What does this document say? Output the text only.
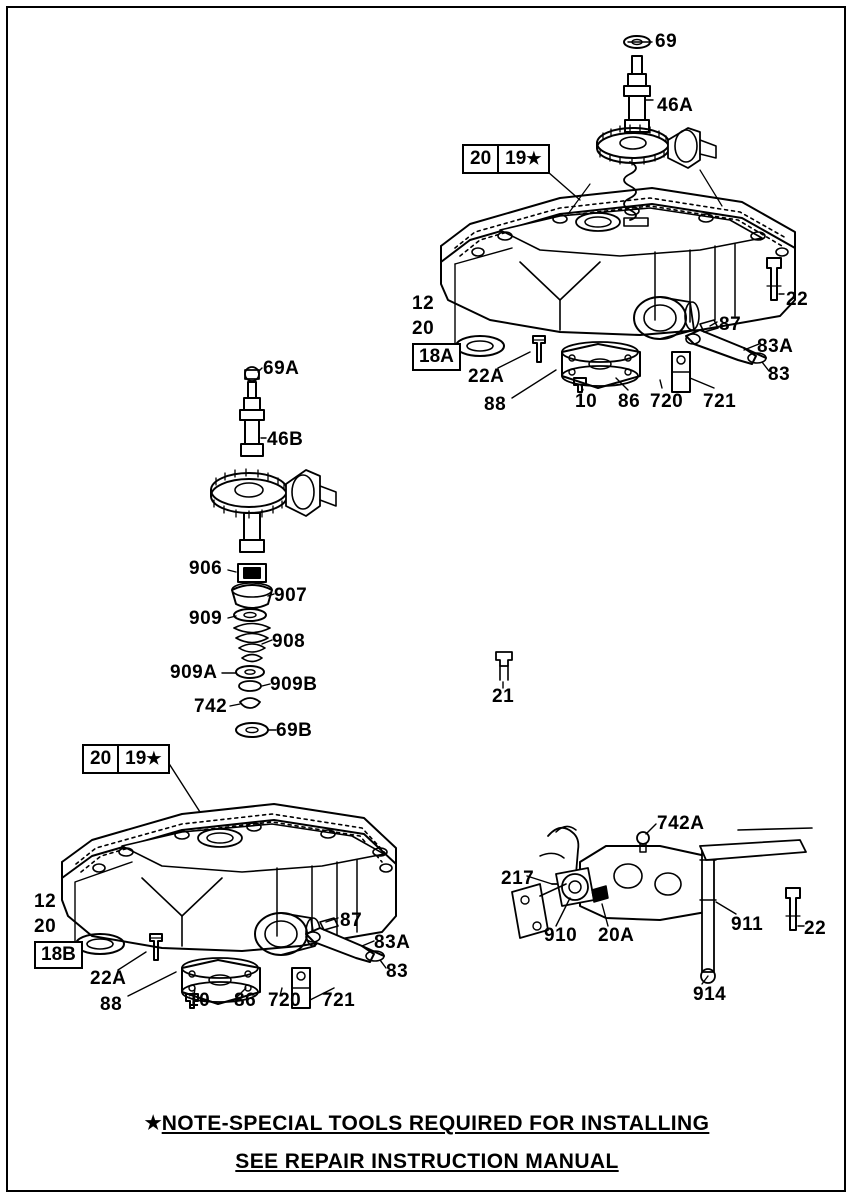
20 19 ★
20 19 ★
12
20
18A
12
20
18B
69
46A
22
87
83A
83
22A
88	10 86 720 721
69A
46B
906
907
909
908
909A
909B
742
69B
21
87
83A
83
22A
88	10 86 720 721
742A
217
910 20A
911 22
914
★NOTE-SPECIAL TOOLS REQUIRED FOR INSTALLING
SEE REPAIR INSTRUCTION MANUAL
